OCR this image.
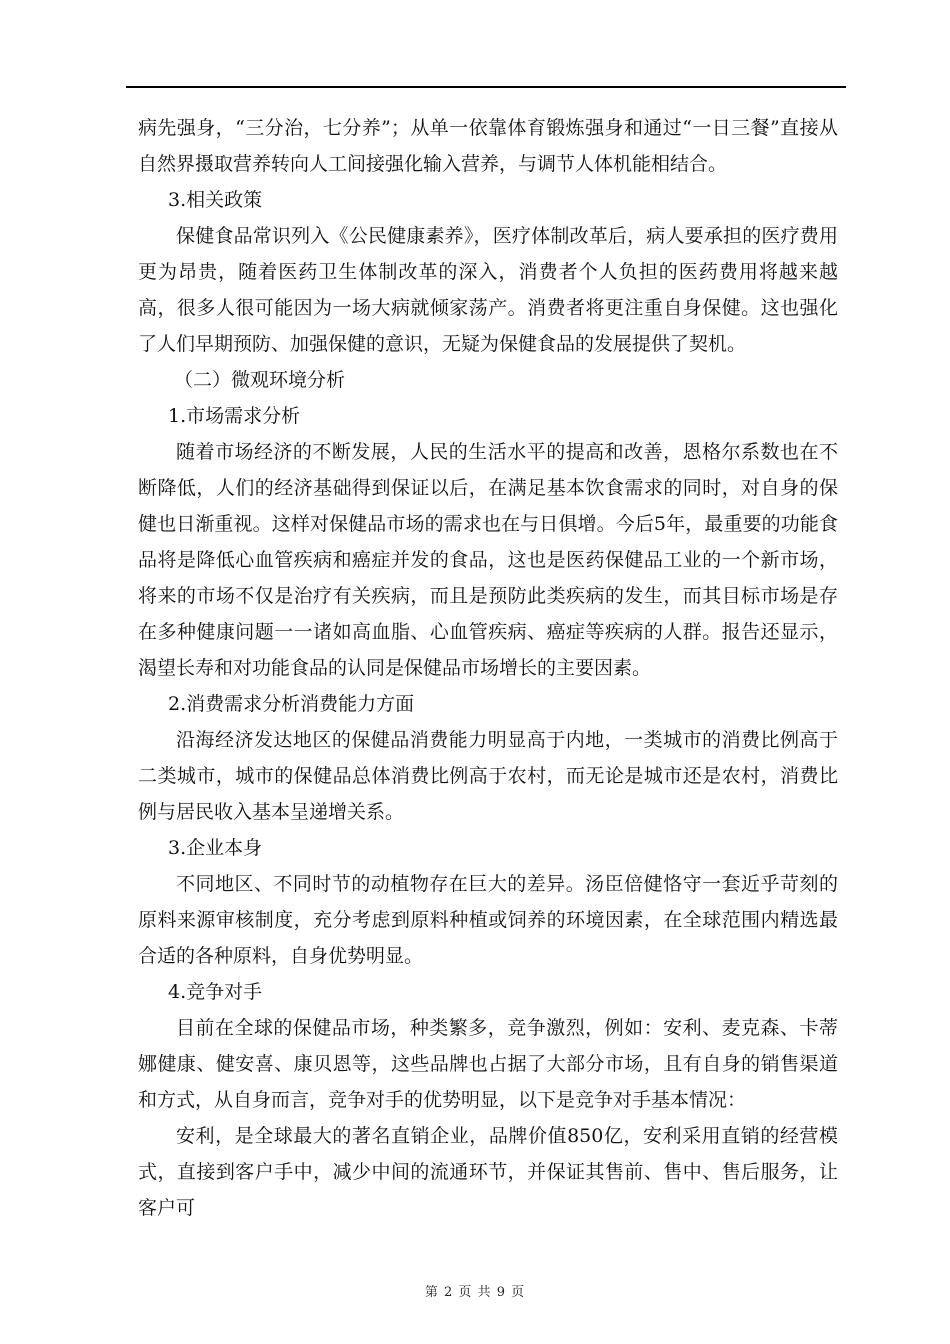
病先强身，“三分治，七分养”；从单一依靠体育锻炼强身和通过“一日三餐”直接从自然界摄取营养转向人工间接强化输入营养，与调节人体机能相结合。

3.相关政策

保健食品常识列入《公民健康素养》，医疗体制改革后，病人要承担的医疗费用更为昂贵，随着医药卫生体制改革的深入，消费者个人负担的医药费用将越来越高，很多人很可能因为一场大病就倾家荡产。消费者将更注重自身保健。这也强化了人们早期预防、加强保健的意识，无疑为保健食品的发展提供了契机。

（二）微观环境分析

1.市场需求分析

随着市场经济的不断发展，人民的生活水平的提高和改善，恩格尔系数也在不断降低，人们的经济基础得到保证以后，在满足基本饮食需求的同时，对自身的保健也日渐重视。这样对保健品市场的需求也在与日俱增。今后5年，最重要的功能食品将是降低心血管疾病和癌症并发的食品，这也是医药保健品工业的一个新市场，将来的市场不仅是治疗有关疾病，而且是预防此类疾病的发生，而其目标市场是存在多种健康问题一一诸如高血脂、心血管疾病、癌症等疾病的人群。报告还显示，渴望长寿和对功能食品的认同是保健品市场增长的主要因素。

2.消费需求分析消费能力方面

沿海经济发达地区的保健品消费能力明显高于内地，一类城市的消费比例高于二类城市，城市的保健品总体消费比例高于农村，而无论是城市还是农村，消费比例与居民收入基本呈递增关系。

3.企业本身

不同地区、不同时节的动植物存在巨大的差异。汤臣倍健恪守一套近乎苛刻的原料来源审核制度，充分考虑到原料种植或饲养的环境因素，在全球范围内精选最合适的各种原料，自身优势明显。

4.竞争对手

目前在全球的保健品市场，种类繁多，竞争激烈，例如：安利、麦克森、卡蒂娜健康、健安喜、康贝恩等，这些品牌也占据了大部分市场，且有自身的销售渠道和方式，从自身而言，竞争对手的优势明显，以下是竞争对手基本情况：

安利，是全球最大的著名直销企业，品牌价值850亿，安利采用直销的经营模式，直接到客户手中，减少中间的流通环节，并保证其售前、售中、售后服务，让客户可

第 2 页 共 9 页
